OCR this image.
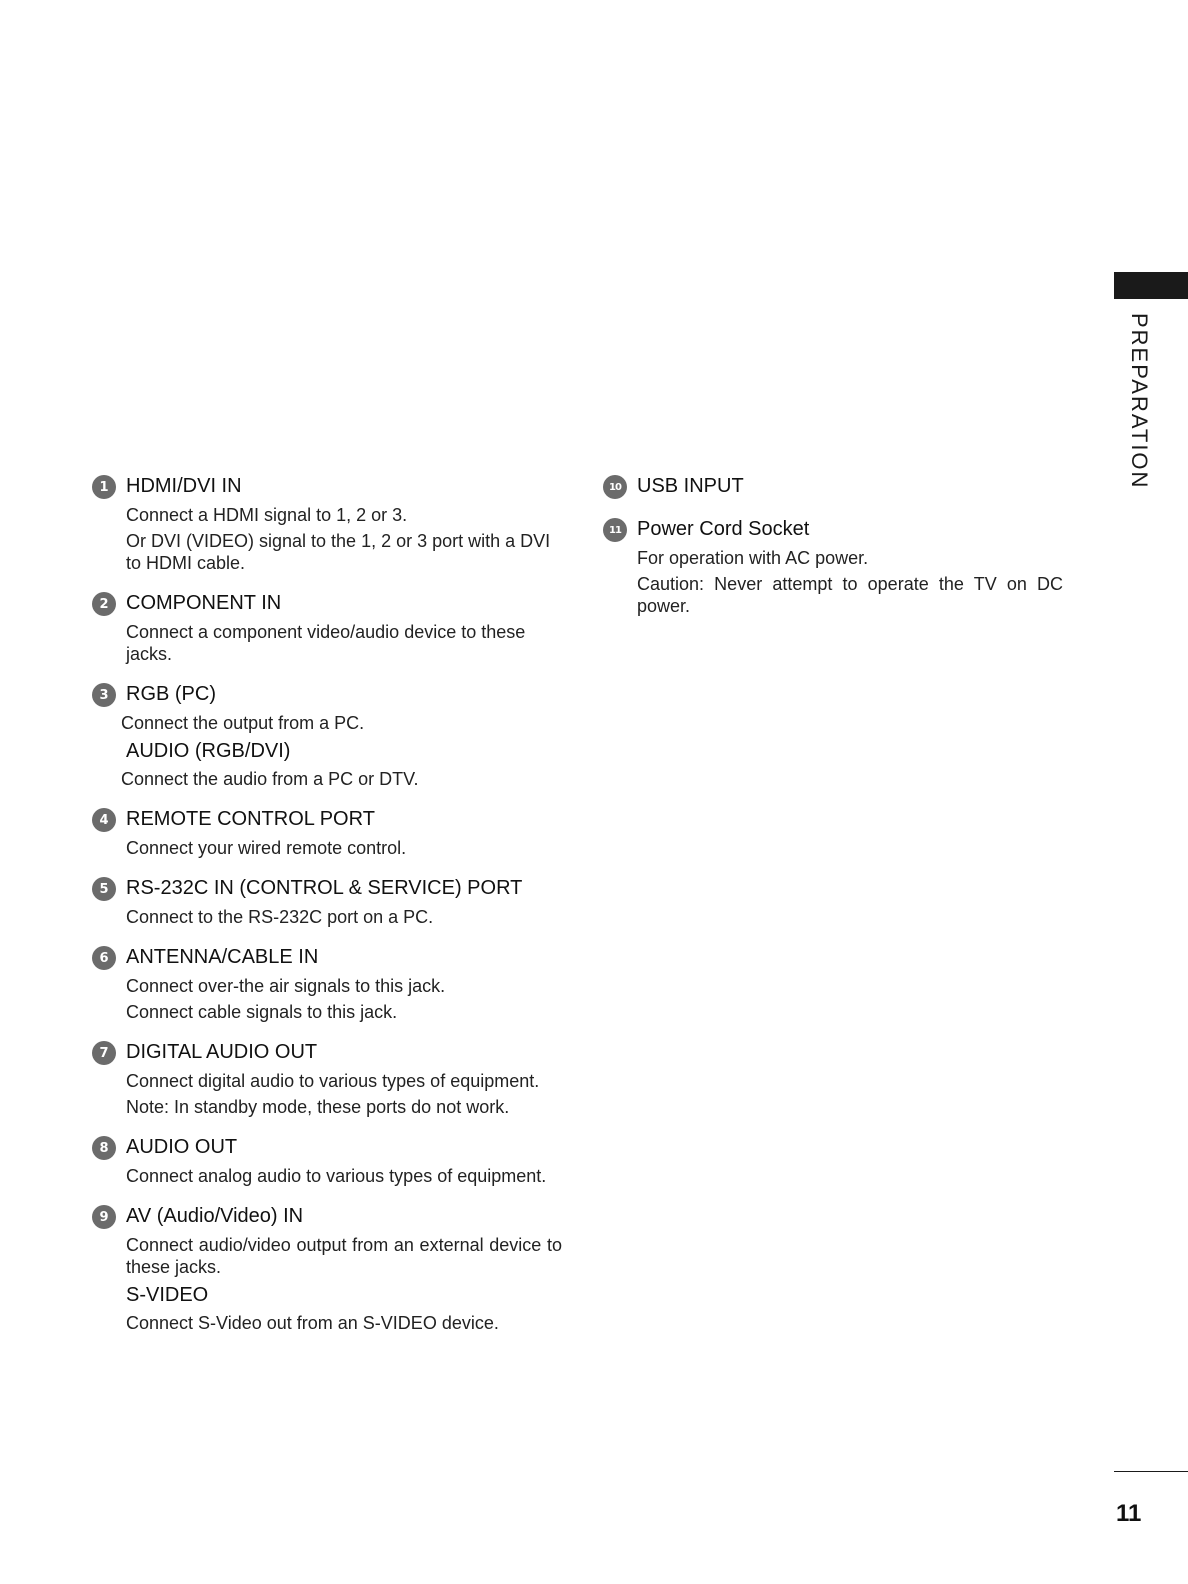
PREPARATION
1 HDMI/DVI IN
Connect a HDMI signal to 1, 2 or 3.
Or DVI (VIDEO) signal to the 1, 2 or 3 port with a DVI to HDMI cable.
2 COMPONENT IN
Connect a component video/audio device to these jacks.
3 RGB (PC)
Connect the output from a PC.
AUDIO (RGB/DVI)
Connect the audio from a PC or DTV.
4 REMOTE CONTROL PORT
Connect your wired remote control.
5 RS-232C IN (CONTROL & SERVICE) PORT
Connect to the RS-232C port on a PC.
6 ANTENNA/CABLE IN
Connect over-the air signals to this jack.
Connect cable signals to this jack.
7 DIGITAL AUDIO OUT
Connect digital audio to various types of equipment.
Note: In standby mode, these ports do not work.
8 AUDIO OUT
Connect analog audio to various types of equipment.
9 AV (Audio/Video) IN
Connect audio/video output from an external device to these jacks.
S-VIDEO
Connect S-Video out from an S-VIDEO device.
10 USB INPUT
11 Power Cord Socket
For operation with AC power.
Caution: Never attempt to operate the TV on DC power.
11
